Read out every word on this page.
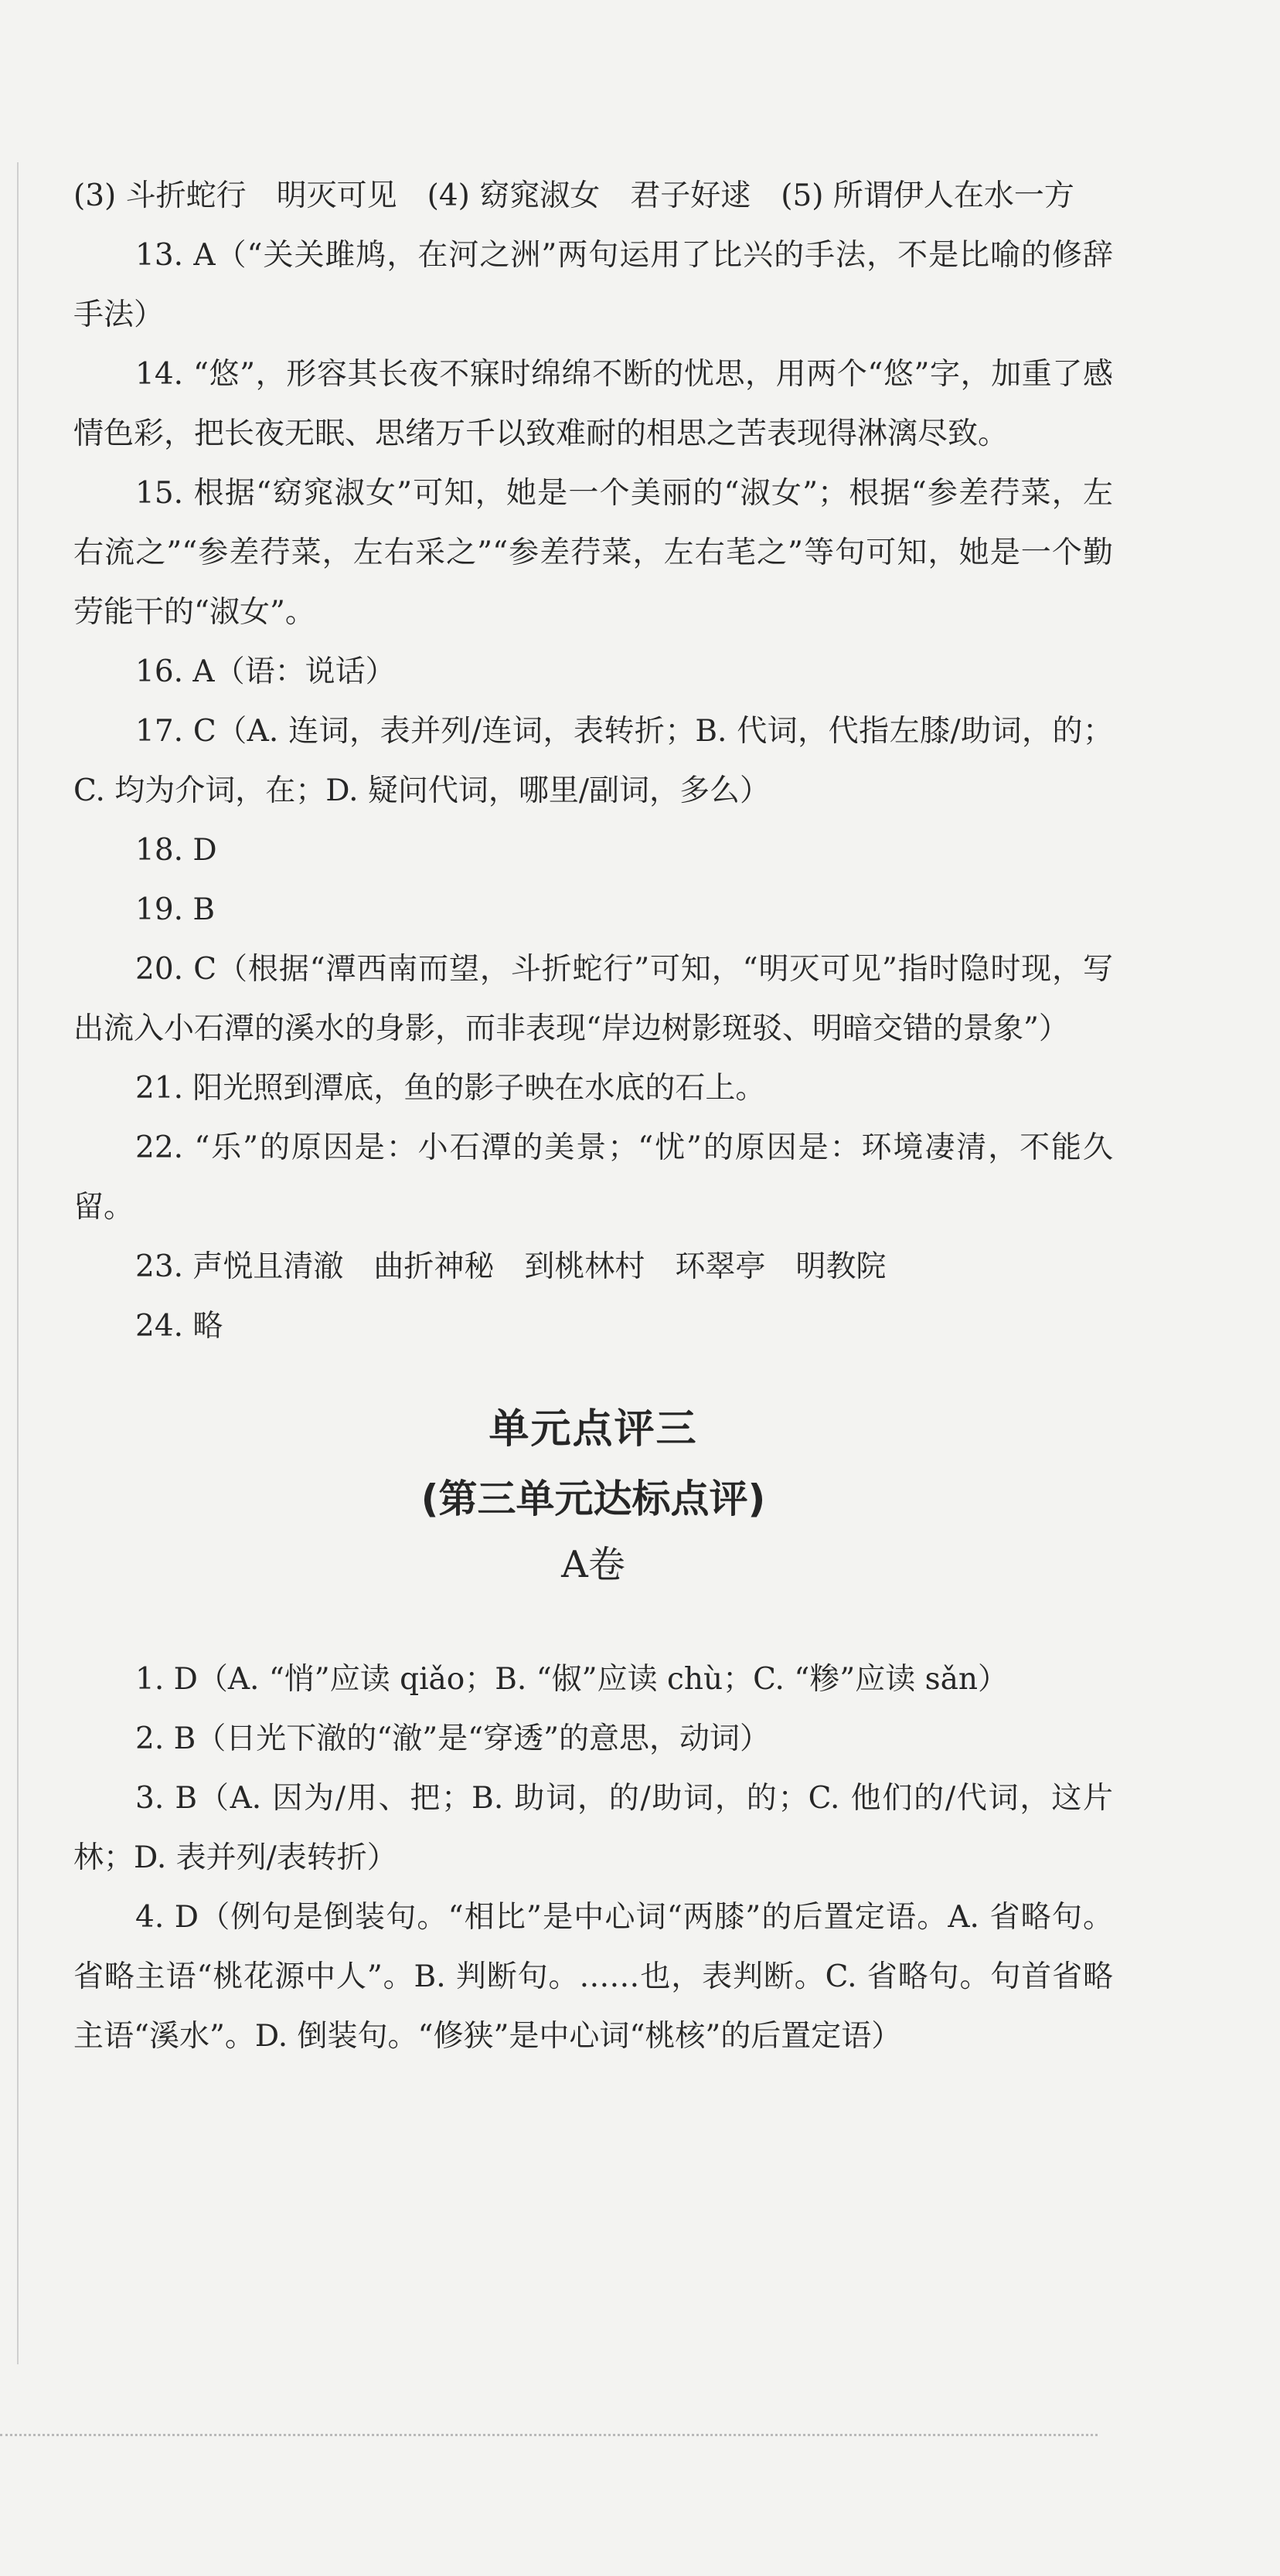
(3) 斗折蛇行　明灭可见　(4) 窈窕淑女　君子好逑　(5) 所谓伊人在水一方

13. A（“关关雎鸠，在河之洲”两句运用了比兴的手法，不是比喻的修辞手法）

14. “悠”，形容其长夜不寐时绵绵不断的忧思，用两个“悠”字，加重了感情色彩，把长夜无眠、思绪万千以致难耐的相思之苦表现得淋漓尽致。

15. 根据“窈窕淑女”可知，她是一个美丽的“淑女”；根据“参差荇菜，左右流之”“参差荇菜，左右采之”“参差荇菜，左右芼之”等句可知，她是一个勤劳能干的“淑女”。

16. A（语：说话）

17. C（A. 连词，表并列/连词，表转折；B. 代词，代指左膝/助词，的；C. 均为介词，在；D. 疑问代词，哪里/副词，多么）

18. D

19. B

20. C（根据“潭西南而望，斗折蛇行”可知，“明灭可见”指时隐时现，写出流入小石潭的溪水的身影，而非表现“岸边树影斑驳、明暗交错的景象”）

21. 阳光照到潭底，鱼的影子映在水底的石上。

22. “乐”的原因是：小石潭的美景；“忧”的原因是：环境凄清，不能久留。

23. 声悦且清澈　曲折神秘　到桃林村　环翠亭　明教院

24. 略

单元点评三

(第三单元达标点评)

A卷

1. D（A. “悄”应读 qiǎo；B. “俶”应读 chù；C. “糁”应读 sǎn）

2. B（日光下澈的“澈”是“穿透”的意思，动词）

3. B（A. 因为/用、把；B. 助词，的/助词，的；C. 他们的/代词，这片林；D. 表并列/表转折）

4. D（例句是倒装句。“相比”是中心词“两膝”的后置定语。A. 省略句。省略主语“桃花源中人”。B. 判断句。……也，表判断。C. 省略句。句首省略主语“溪水”。D. 倒装句。“修狭”是中心词“桃核”的后置定语）
